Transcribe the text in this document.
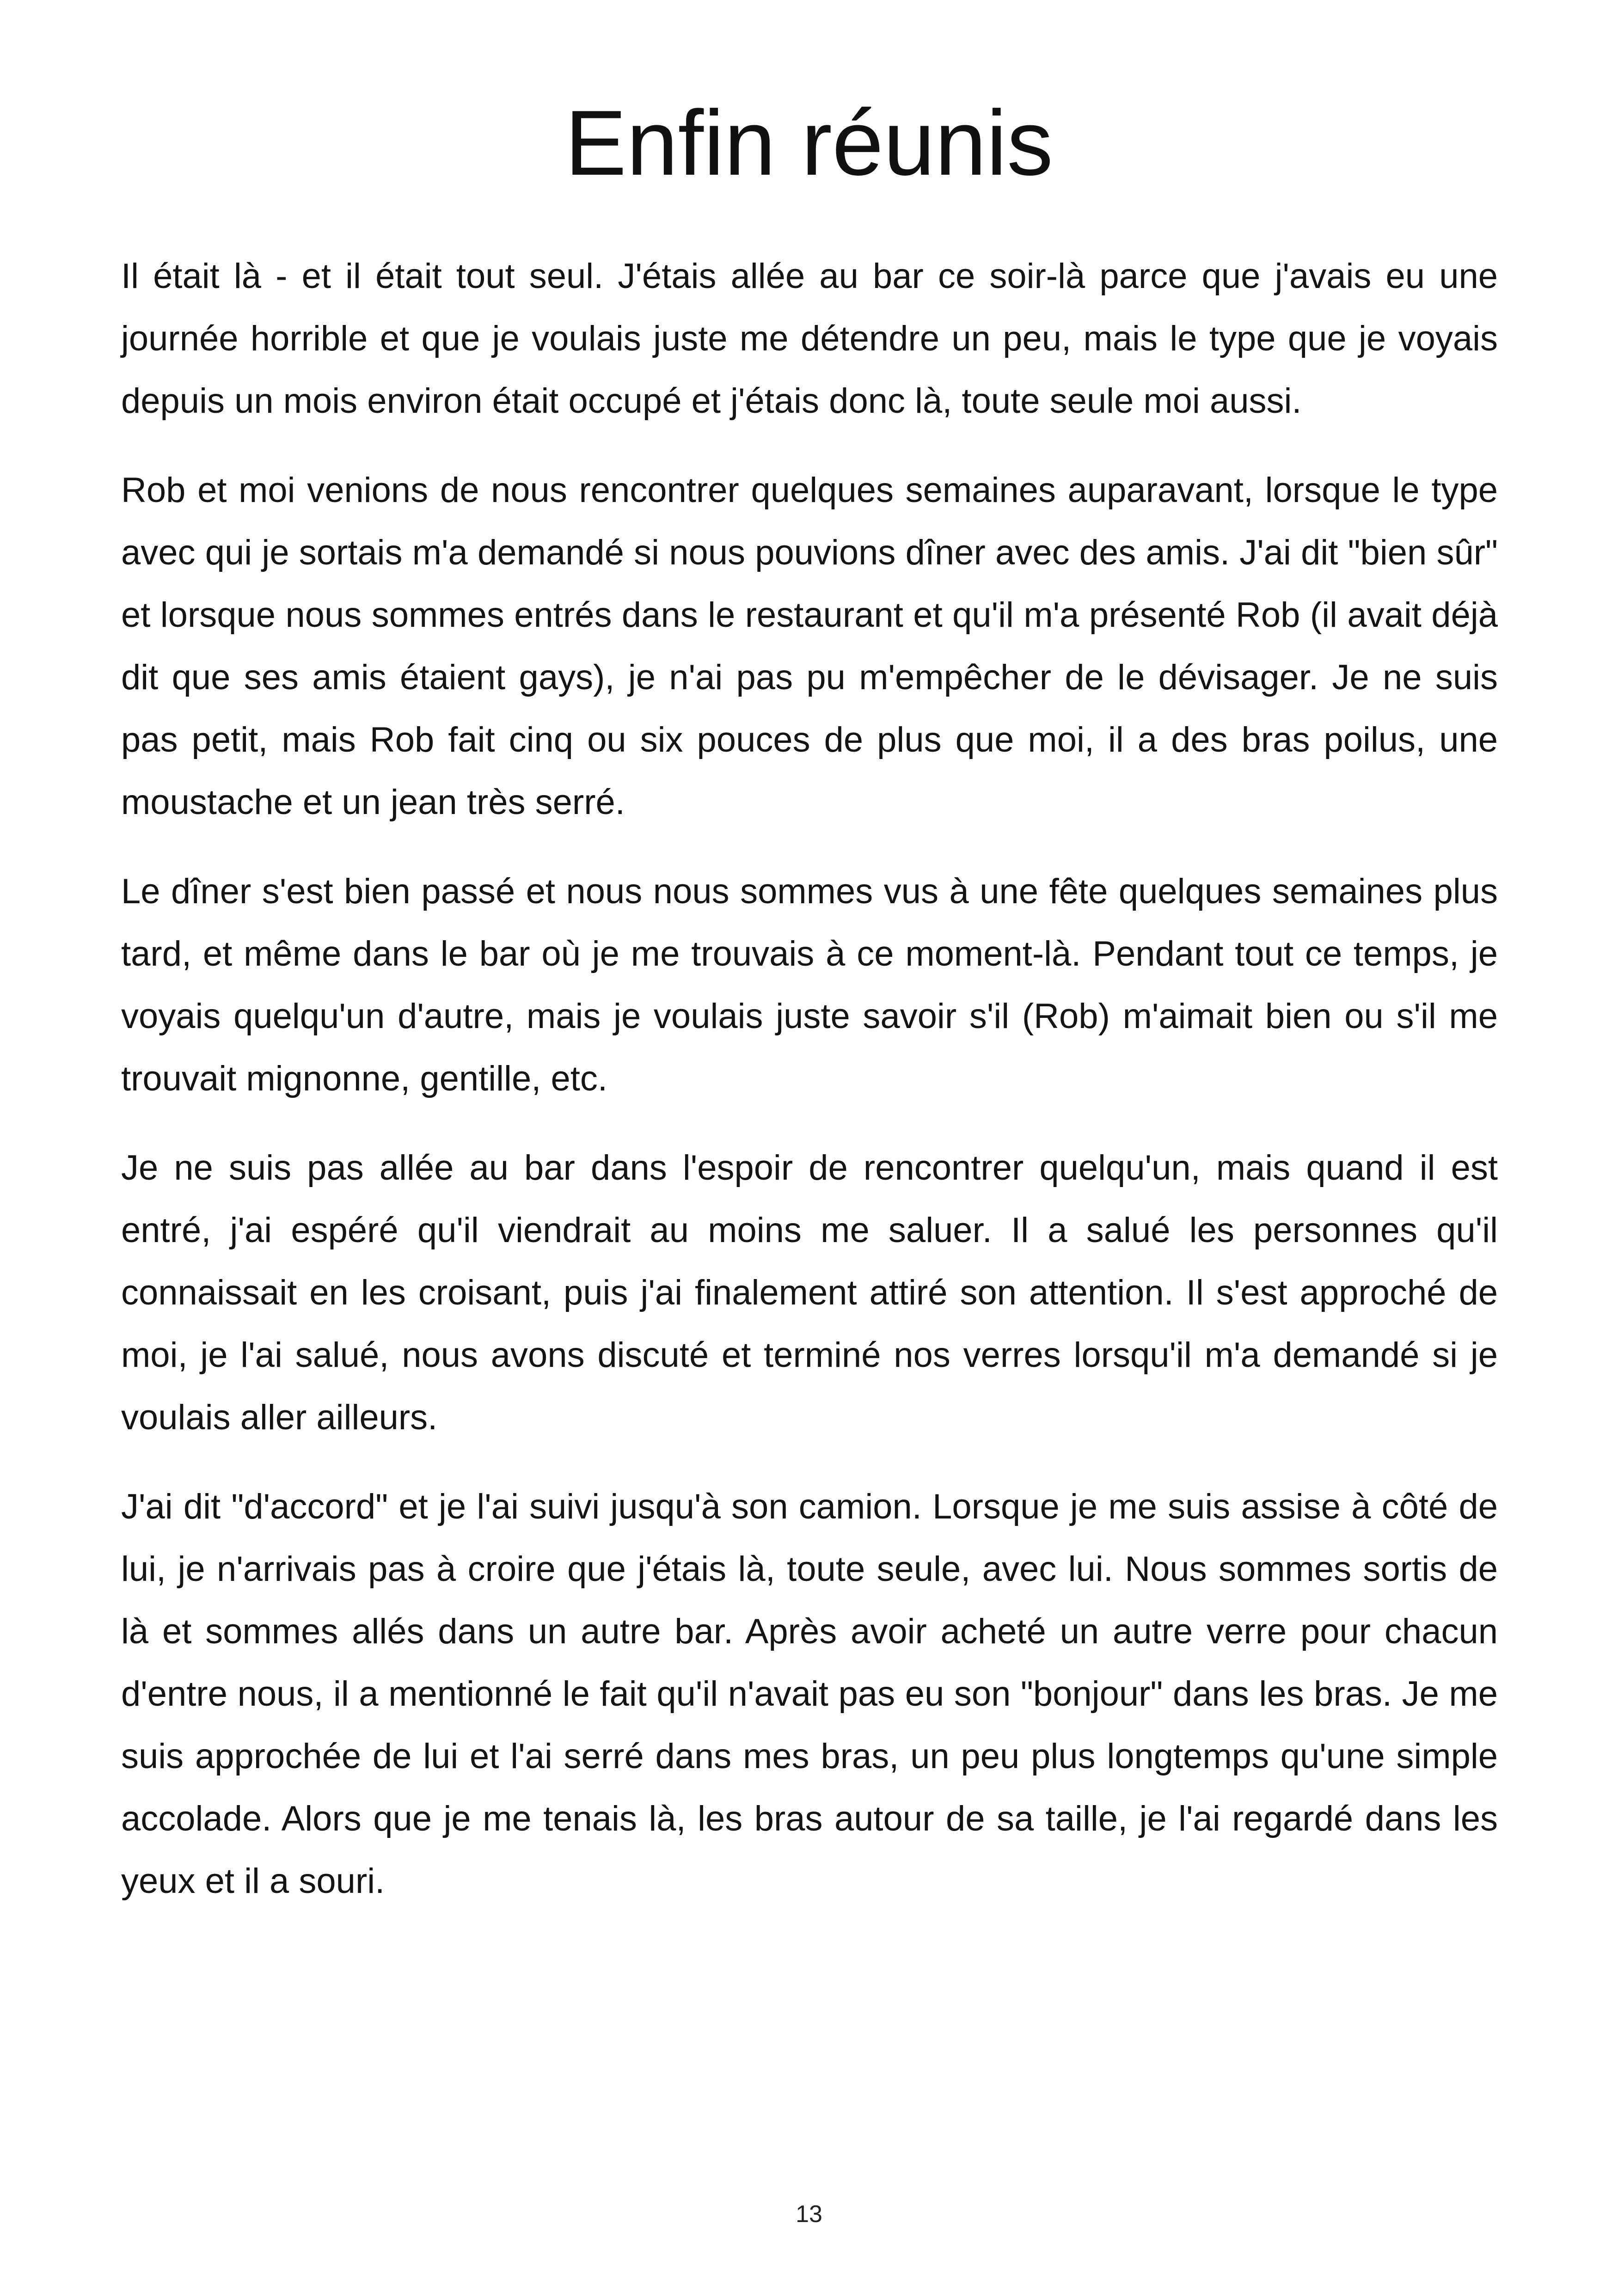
Enfin réunis

Il était là - et il était tout seul. J'étais allée au bar ce soir-là parce que j'avais eu une journée horrible et que je voulais juste me détendre un peu, mais le type que je voyais depuis un mois environ était occupé et j'étais donc là, toute seule moi aussi.

Rob et moi venions de nous rencontrer quelques semaines auparavant, lorsque le type avec qui je sortais m'a demandé si nous pouvions dîner avec des amis. J'ai dit "bien sûr" et lorsque nous sommes entrés dans le restaurant et qu'il m'a présenté Rob (il avait déjà dit que ses amis étaient gays), je n'ai pas pu m'empêcher de le dévisager. Je ne suis pas petit, mais Rob fait cinq ou six pouces de plus que moi, il a des bras poilus, une moustache et un jean très serré.

Le dîner s'est bien passé et nous nous sommes vus à une fête quelques semaines plus tard, et même dans le bar où je me trouvais à ce moment-là. Pendant tout ce temps, je voyais quelqu'un d'autre, mais je voulais juste savoir s'il (Rob) m'aimait bien ou s'il me trouvait mignonne, gentille, etc.

Je ne suis pas allée au bar dans l'espoir de rencontrer quelqu'un, mais quand il est entré, j'ai espéré qu'il viendrait au moins me saluer. Il a salué les personnes qu'il connaissait en les croisant, puis j'ai finalement attiré son attention. Il s'est approché de moi, je l'ai salué, nous avons discuté et terminé nos verres lorsqu'il m'a demandé si je voulais aller ailleurs.

J'ai dit "d'accord" et je l'ai suivi jusqu'à son camion. Lorsque je me suis assise à côté de lui, je n'arrivais pas à croire que j'étais là, toute seule, avec lui. Nous sommes sortis de là et sommes allés dans un autre bar. Après avoir acheté un autre verre pour chacun d'entre nous, il a mentionné le fait qu'il n'avait pas eu son "bonjour" dans les bras. Je me suis approchée de lui et l'ai serré dans mes bras, un peu plus longtemps qu'une simple accolade. Alors que je me tenais là, les bras autour de sa taille, je l'ai regardé dans les yeux et il a souri.

13
